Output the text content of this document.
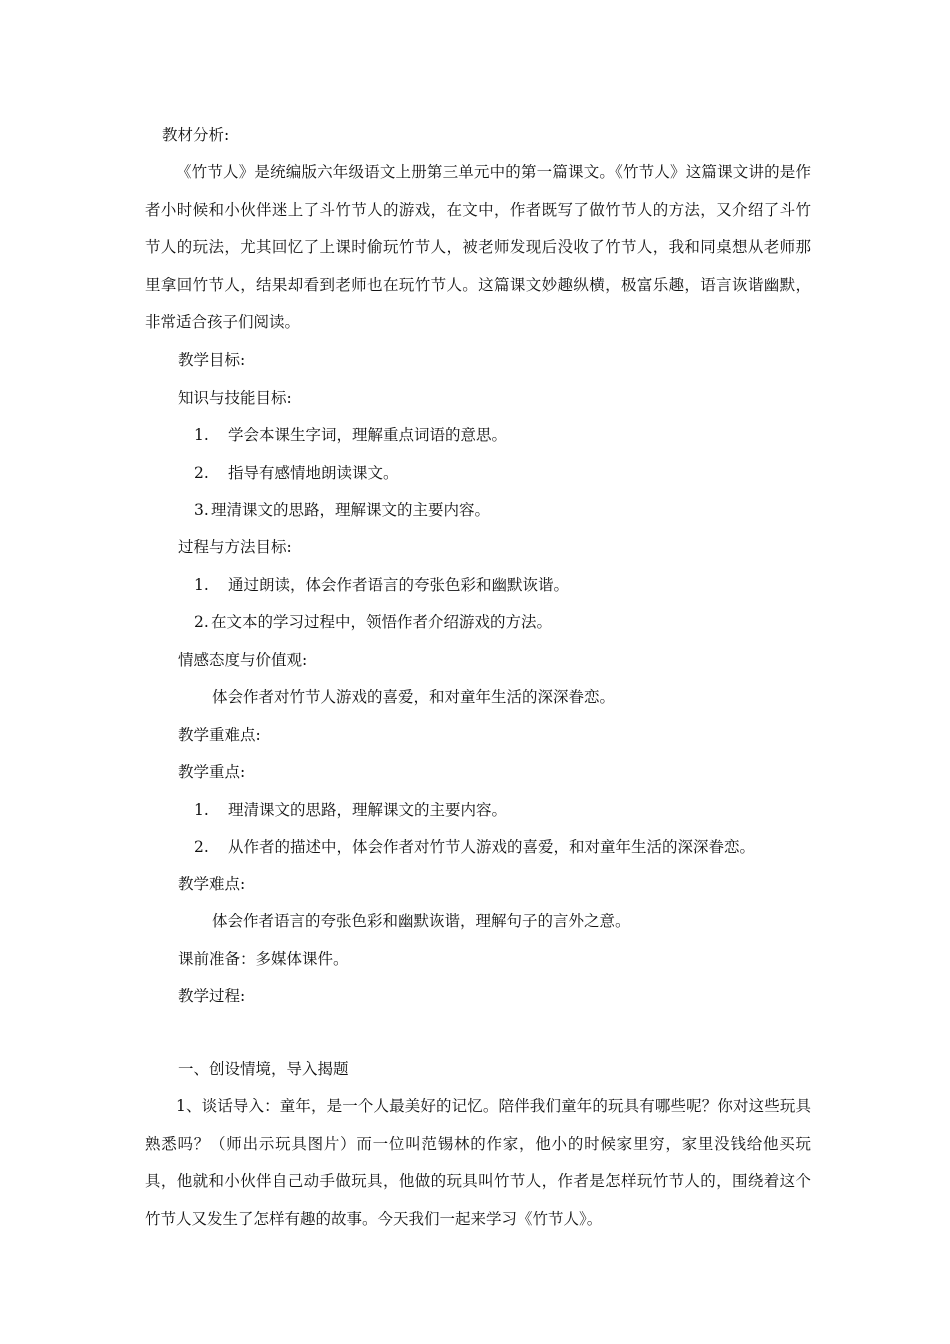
教材分析:

《竹节人》是统编版六年级语文上册第三单元中的第一篇课文。《竹节人》这篇课文讲的是作者小时候和小伙伴迷上了斗竹节人的游戏，在文中，作者既写了做竹节人的方法，又介绍了斗竹节人的玩法，尤其回忆了上课时偷玩竹节人，被老师发现后没收了竹节人，我和同桌想从老师那里拿回竹节人，结果却看到老师也在玩竹节人。这篇课文妙趣纵横，极富乐趣，语言诙谐幽默，非常适合孩子们阅读。

教学目标:
知识与技能目标:
1. 学会本课生字词，理解重点词语的意思。
2. 指导有感情地朗读课文。
3. 理清课文的思路，理解课文的主要内容。
过程与方法目标:
1. 通过朗读，体会作者语言的夸张色彩和幽默诙谐。
2. 在文本的学习过程中，领悟作者介绍游戏的方法。
情感态度与价值观:
体会作者对竹节人游戏的喜爱，和对童年生活的深深眷恋。
教学重难点:
教学重点:
1. 理清课文的思路，理解课文的主要内容。
2. 从作者的描述中，体会作者对竹节人游戏的喜爱，和对童年生活的深深眷恋。
教学难点:
体会作者语言的夸张色彩和幽默诙谐，理解句子的言外之意。
课前准备：多媒体课件。
教学过程:
一、创设情境，导入揭题

1、谈话导入：童年，是一个人最美好的记忆。陪伴我们童年的玩具有哪些呢？你对这些玩具熟悉吗？（师出示玩具图片）而一位叫范锡林的作家，他小的时候家里穷，家里没钱给他买玩具，他就和小伙伴自己动手做玩具，他做的玩具叫竹节人，作者是怎样玩竹节人的，围绕着这个竹节人又发生了怎样有趣的故事。今天我们一起来学习《竹节人》。
